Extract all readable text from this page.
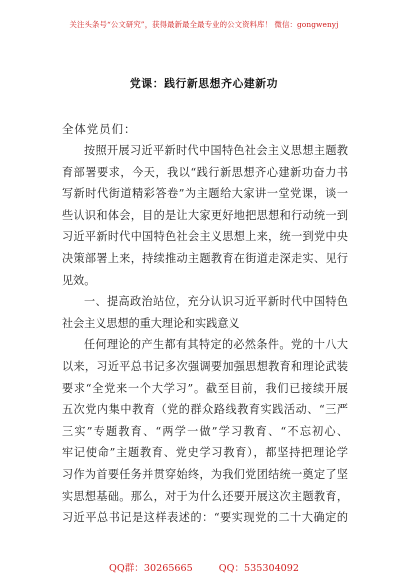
关注头条号“公文研究”，获得最新最全最专业的公文资料库！ 微信：gongwenyj
党课：践行新思想齐心建新功
全体党员们：
按照开展习近平新时代中国特色社会主义思想主题教
育部署要求，今天，我以“践行新思想齐心建新功奋力书
写新时代街道精彩答卷”为主题给大家讲一堂党课，谈一
些认识和体会，目的是让大家更好地把思想和行动统一到
习近平新时代中国特色社会主义思想上来，统一到党中央
决策部署上来，持续推动主题教育在街道走深走实、见行
见效。
一、提高政治站位，充分认识习近平新时代中国特色
社会主义思想的重大理论和实践意义
任何理论的产生都有其特定的必然条件。党的十八大
以来，习近平总书记多次强调要加强思想教育和理论武装
要求“全党来一个大学习”。截至目前，我们已接续开展
五次党内集中教育（党的群众路线教育实践活动、“三严
三实”专题教育、“两学一做”学习教育、“不忘初心、
牢记使命”主题教育、党史学习教育），都坚持把理论学
习作为首要任务并贯穿始终，为我们党团结统一奠定了坚
实思想基础。那么，对于为什么还要开展这次主题教育，
习近平总书记是这样表述的：“要实现党的二十大确定的
QQ群：30265665	QQ：535304092
